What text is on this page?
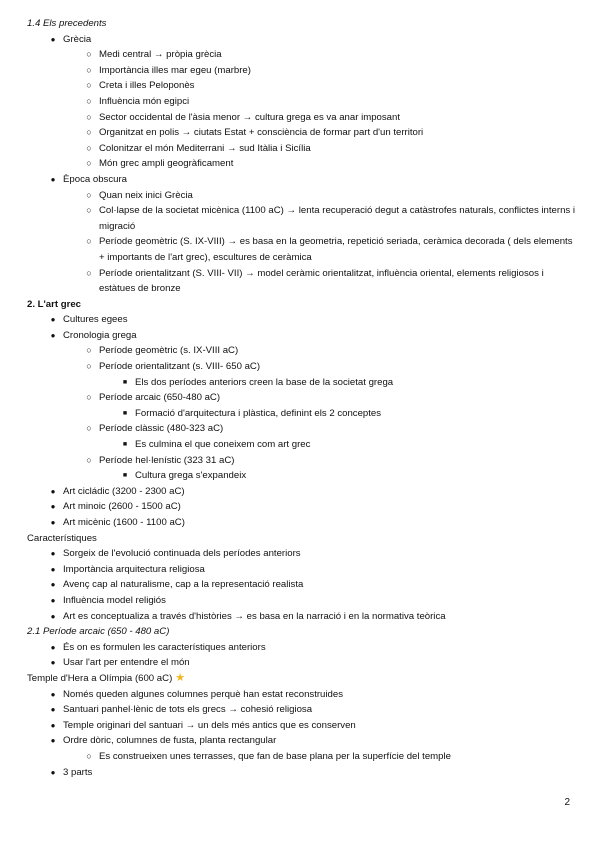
1.4 Els precedents
● Grècia
○ Medi central → pròpia grècia
○ Importància illes mar egeu (marbre)
○ Creta i illes Peloponès
○ Influència món egipci
○ Sector occidental de l'àsia menor → cultura grega es va anar imposant
○ Organitzat en polis → ciutats Estat + consciència de formar part d'un territori
○ Colonitzar el món Mediterrani → sud Itàlia i Sicília
○ Món grec ampli geogràficament
● Època obscura
○ Quan neix inici Grècia
○ Col·lapse de la societat micènica (1100 aC) → lenta recuperació degut a catàstrofes naturals, conflictes interns i migració
○ Període geomètric (S. IX-VIII) → es basa en la geometria, repetició seriada, ceràmica decorada ( dels elements + importants de l'art grec), escultures de ceràmica
○ Període orientalitzant (S. VIII- VII) → model ceràmic orientalitzat, influència oriental, elements religiosos i estàtues de bronze
2. L'art grec
● Cultures egees
● Cronologia grega
○ Període geomètric (s. IX-VIII aC)
○ Període orientalitzant (s. VIII- 650 aC)
■ Els dos períodes anteriors creen la base de la societat grega
○ Període arcaic (650-480 aC)
■ Formació d'arquitectura i plàstica, definint els 2 conceptes
○ Període clàssic (480-323 aC)
■ Es culmina el que coneixem com art grec
○ Període hel·lenístic (323 31 aC)
■ Cultura grega s'expandeix
● Art cicládic (3200 - 2300 aC)
● Art minoic (2600 - 1500 aC)
● Art micènic (1600 - 1100 aC)
Característiques
● Sorgeix de l'evolució continuada dels períodes anteriors
● Importància arquitectura religiosa
● Avenç cap al naturalisme, cap a la representació realista
● Influència model religiós
● Art es conceptualiza a través d'històries → es basa en la narració i en la normativa teòrica
2.1 Període arcaic (650 - 480 aC)
● És on es formulen les característiques anteriors
● Usar l'art per entendre el món
Temple d'Hera a Olímpia (600 aC) ★
● Només queden algunes columnes perquè han estat reconstruides
● Santuari panhel·lènic de tots els grecs → cohesió religiosa
● Temple originari del santuari → un dels més antics que es conserven
● Ordre dòric, columnes de fusta, planta rectangular
○ Es construeixen unes terrasses, que fan de base plana per la superfície del temple
● 3 parts
2
